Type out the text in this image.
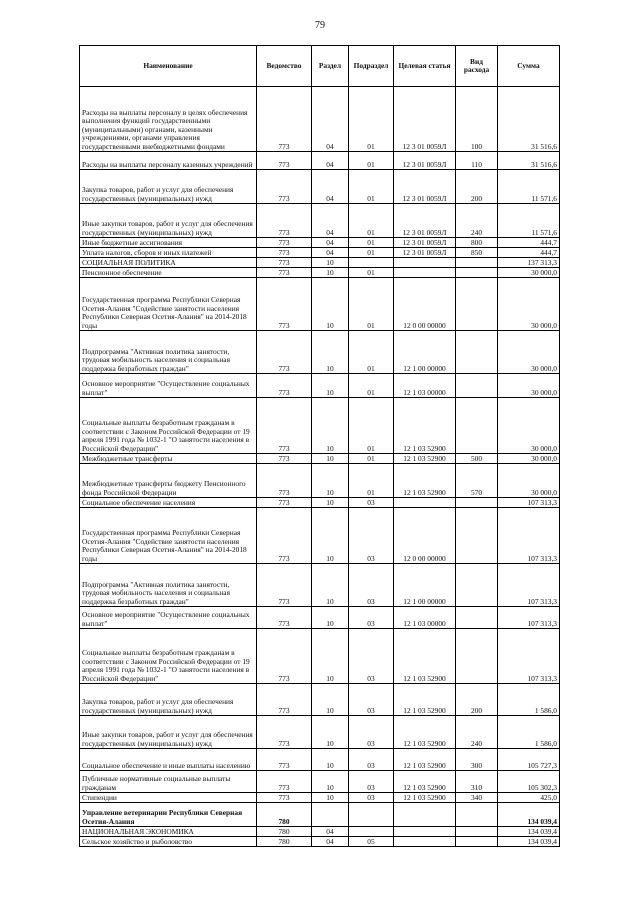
79
Наименование	Ведомство	Раздел	Подраздел	Целевая статья	Вид расхода	Сумма
Расходы на выплаты персоналу в целях обеспечения выполнения функций государственными (муниципальными) органами, казенными учреждениями, органами управления государственными внебюджетными фондами	773	04	01	12 3 01 0059Л	100	31 516,6
Расходы на выплаты персоналу казенных учреждений	773	04	01	12 3 01 0059Л	110	31 516,6
Закупка товаров, работ и услуг для обеспечения государственных (муниципальных) нужд	773	04	01	12 3 01 0059Л	200	11 571,6
Иные закупки товаров, работ и услуг для обеспечения государственных (муниципальных) нужд	773	04	01	12 3 01 0059Л	240	11 571,6
Иные бюджетные ассигнования	773	04	01	12 3 01 0059Л	800	444,7
Уплата налогов, сборов и иных платежей	773	04	01	12 3 01 0059Л	850	444,7
СОЦИАЛЬНАЯ ПОЛИТИКА	773	10				137 313,3
Пенсионное обеспечение	773	10	01			30 000,0
Государственная программа Республики Северная Осетия-Алания "Содействие занятости населения Республики Северная Осетия-Алания" на 2014-2018 годы	773	10	01	12 0 00 00000		30 000,0
Подпрограмма "Активная политика занятости, трудовая мобильность населения и социальная поддержка безработных граждан"	773	10	01	12 1 00 00000		30 000,0
Основное мероприятие "Осуществление социальных выплат"	773	10	01	12 1 03 00000		30 000,0
Социальные выплаты безработным гражданам в соответствии с Законом Российской Федерации от 19 апреля 1991 года № 1032-1 "О занятости населения в Российской Федерации"	773	10	01	12 1 03 52900		30 000,0
Межбюджетные трансферты	773	10	01	12 1 03 52900	500	30 000,0
Межбюджетные трансферты бюджету Пенсионного фонда Российской Федерации	773	10	01	12 1 03 52900	570	30 000,0
Социальное обеспечение населения	773	10	03			107 313,3
Государственная программа Республики Северная Осетия-Алания "Содействие занятости населения Республики Северная Осетия-Алания" на 2014-2018 годы	773	10	03	12 0 00 00000		107 313,3
Подпрограмма "Активная политика занятости, трудовая мобильность населения и социальная поддержка безработных граждан"	773	10	03	12 1 00 00000		107 313,3
Основное мероприятие "Осуществление социальных выплат"	773	10	03	12 1 03 00000		107 313,3
Социальные выплаты безработным гражданам в соответствии с Законом Российской Федерации от 19 апреля 1991 года № 1032-1 "О занятости населения в Российской Федерации"	773	10	03	12 1 03 52900		107 313,3
Закупка товаров, работ и услуг для обеспечения государственных (муниципальных) нужд	773	10	03	12 1 03 52900	200	1 586,0
Иные закупки товаров, работ и услуг для обеспечения государственных (муниципальных) нужд	773	10	03	12 1 03 52900	240	1 586,0
Социальное обеспечение и иные выплаты населению	773	10	03	12 1 03 52900	300	105 727,3
Публичные нормативные социальные выплаты гражданам	773	10	03	12 1 03 52900	310	105 302,3
Стипендии	773	10	03	12 1 03 52900	340	425,0
Управление ветеринарии Республики Северная Осетия-Алания	780					134 039,4
НАЦИОНАЛЬНАЯ ЭКОНОМИКА	780	04				134 039,4
Сельское хозяйство и рыболовство	780	04	05			134 039,4
